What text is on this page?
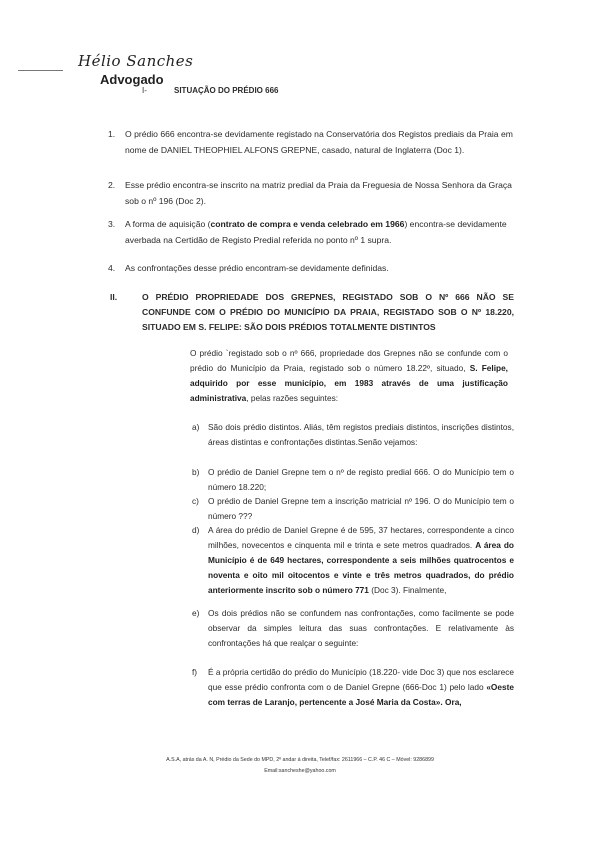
Hélio Sanches
Advogado
I-	SITUAÇÃO DO PRÉDIO 666
1. O prédio 666 encontra-se devidamente registado na Conservatória dos Registos prediais da Praia em nome de DANIEL THEOPHIEL ALFONS GREPNE, casado, natural de Inglaterra (Doc 1).
2. Esse prédio encontra-se inscrito na matriz predial da Praia da Freguesia de Nossa Senhora da Graça sob o nº 196 (Doc 2).
3. A forma de aquisição (contrato de compra e venda celebrado em 1966) encontra-se devidamente averbada na Certidão de Registo Predial referida no ponto nº 1 supra.
4. As confrontações desse prédio encontram-se devidamente definidas.
II.	O PRÉDIO PROPRIEDADE DOS GREPNES, REGISTADO SOB O Nº 666 NÃO SE CONFUNDE COM O PRÉDIO DO MUNICÍPIO DA PRAIA, REGISTADO SOB O Nº 18.220, SITUADO EM S. FELIPE: SÃO DOIS PRÉDIOS TOTALMENTE DISTINTOS
O prédio `registado sob o nº 666, propriedade dos Grepnes não se confunde com o prédio do Município da Praia, registado sob o número 18.22º, situado, S. Felipe, adquirido por esse município, em 1983 através de uma justificação administrativa, pelas razões seguintes:
a) São dois prédio distintos. Aliás, têm registos prediais distintos, inscrições distintos, áreas distintas e confrontações distintas.Senão vejamos:
b) O prédio de Daniel Grepne tem o nº de registo predial 666. O do Município tem o número 18.220;
c) O prédio de Daniel Grepne tem a inscrição matricial nº 196. O do Município tem o número ???
d) A área do prédio de Daniel Grepne é de 595, 37 hectares, correspondente a cinco milhões, novecentos e cinquenta mil e trinta e sete metros quadrados. A área do Município é de 649 hectares, correspondente a seis milhões quatrocentos e noventa e oito mil oitocentos e vinte e três metros quadrados, do prédio anteriormente inscrito sob o número 771 (Doc 3). Finalmente,
e) Os dois prédios não se confundem nas confrontações, como facilmente se pode observar da simples leitura das suas confrontações. E relativamente às confrontações há que realçar o seguinte:
f) É a própria certidão do prédio do Município (18.220- vide Doc 3) que nos esclarece que esse prédio confronta com o de Daniel Grepne (666-Doc 1) pelo lado «Oeste com terras de Laranjo, pertencente a José Maria da Costa». Ora,
A.S.A, atrás da A. N, Prédio da Sede do MPD, 2º andar á direita, Telef/fax: 2611966 – C.P. 46 C – Móvel: 9286899
Email:sancheshe@yahoo.com
